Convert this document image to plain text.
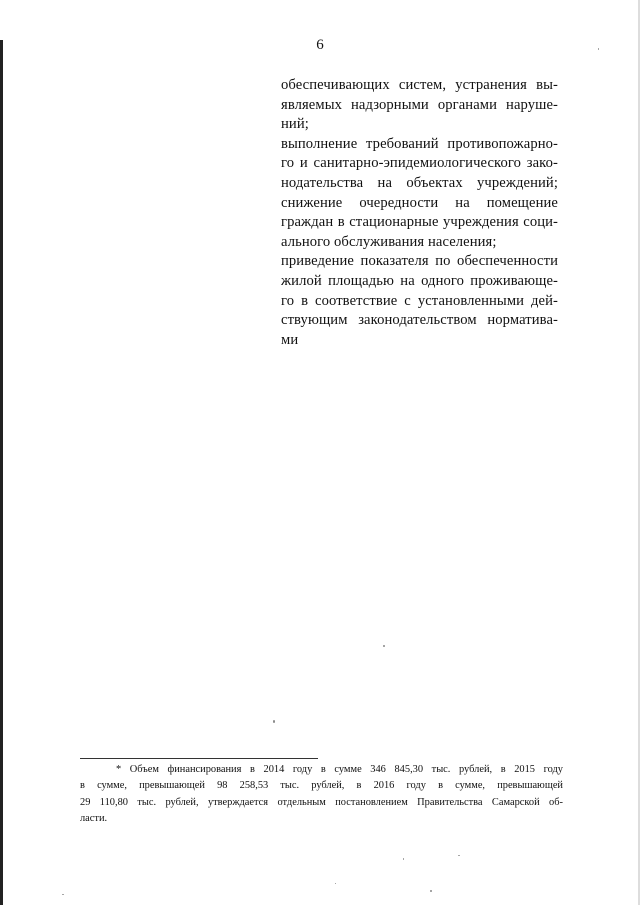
6
обеспечивающих систем, устранения вы-
являемых надзорными органами наруше-
ний;
выполнение требований противопожарно-
го и санитарно-эпидемиологического зако-
нодательства на объектах учреждений;
снижение очередности на помещение
граждан в стационарные учреждения соци-
ального обслуживания населения;
приведение показателя по обеспеченности
жилой площадью на одного проживающе-
го в соответствие с установленными дей-
ствующим законодательством норматива-
ми
* Объем финансирования в 2014 году в сумме 346 845,30 тыс. рублей, в 2015 году
в сумме, превышающей 98 258,53 тыс. рублей, в 2016 году в сумме, превышающей
29 110,80 тыс. рублей, утверждается отдельным постановлением Правительства Самарской об-
ласти.
